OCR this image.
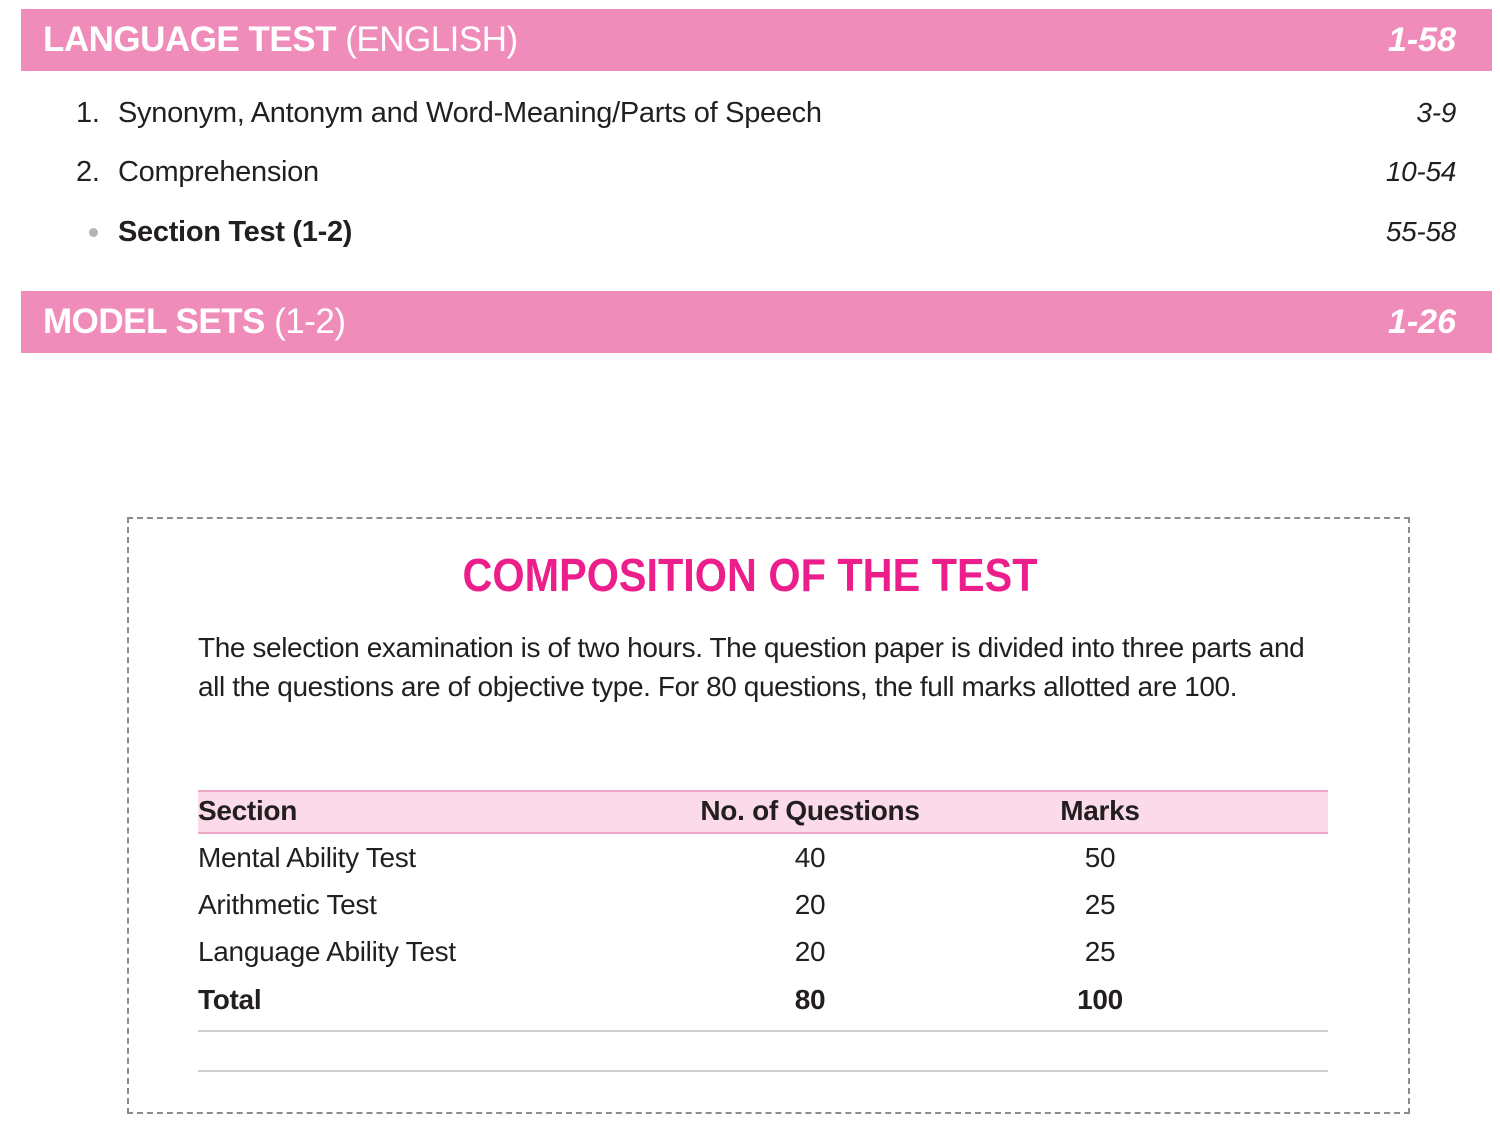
LANGUAGE TEST (ENGLISH)	1-58
1. Synonym, Antonym and Word-Meaning/Parts of Speech	3-9
2. Comprehension	10-54
Section Test (1-2)	55-58
MODEL SETS (1-2)	1-26
COMPOSITION OF THE TEST
The selection examination is of two hours. The question paper is divided into three parts and all the questions are of objective type. For 80 questions, the full marks allotted are 100.
Section	No. of Questions	Marks
Mental Ability Test	40	50
Arithmetic Test	20	25
Language Ability Test	20	25
Total	80	100
